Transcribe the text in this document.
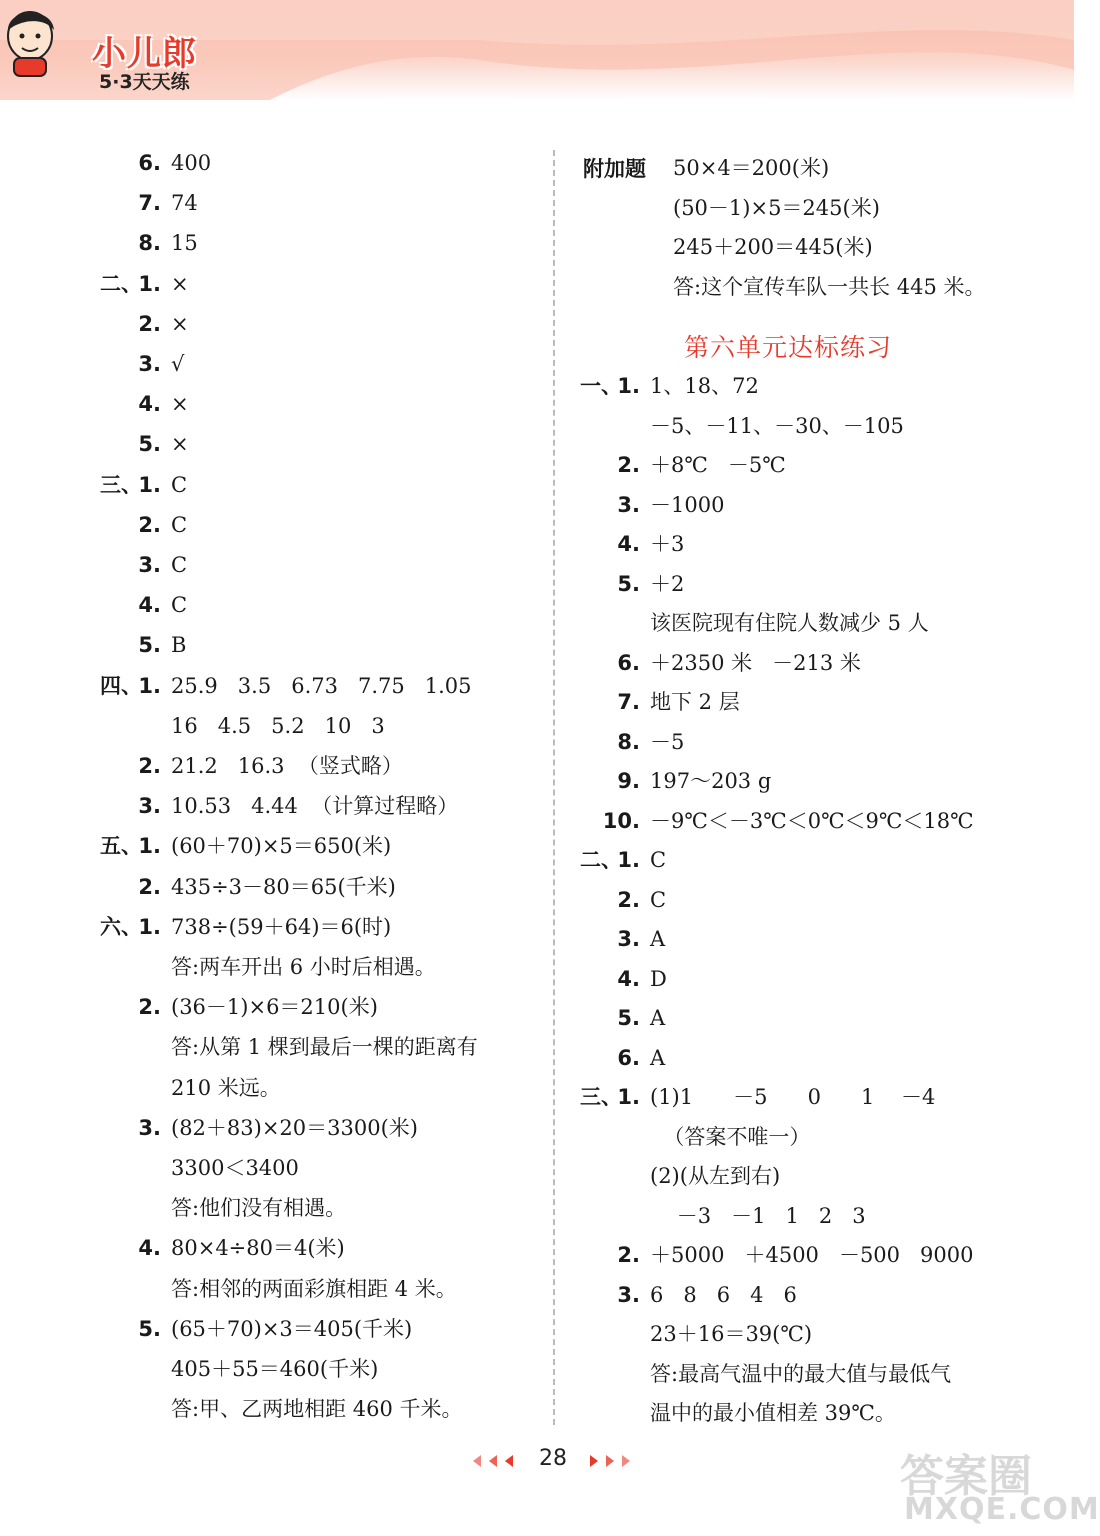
小儿郎
5·3天天练
6. 400
7. 74
8. 15
二、
1. ×
2. ×
3. √
4. ×
5. ×
三、
1. C
2. C
3. C
4. C
5. B
四、
1. 25.9   3.5   6.73   7.75   1.05
16   4.5   5.2   10   3
2. 21.2   16.3  （竖式略）
3. 10.53   4.44  （计算过程略）
五、
1. (60＋70)×5＝650(米)
2. 435÷3－80＝65(千米)
六、
1. 738÷(59＋64)＝6(时)
答:两车开出 6 小时后相遇。
2. (36－1)×6＝210(米)
答:从第 1 棵到最后一棵的距离有
210 米远。
3. (82＋83)×20＝3300(米)
3300＜3400
答:他们没有相遇。
4. 80×4÷80＝4(米)
答:相邻的两面彩旗相距 4 米。
5. (65＋70)×3＝405(千米)
405＋55＝460(千米)
答:甲、乙两地相距 460 千米。
附加题 50×4＝200(米)
(50－1)×5＝245(米)
245＋200＝445(米)
答:这个宣传车队一共长 445 米。
第六单元达标练习
一、
1. 1、18、72
－5、－11、－30、－105
2. ＋8℃   －5℃
3. －1000
4. ＋3
5. ＋2
该医院现有住院人数减少 5 人
6. ＋2350 米   －213 米
7. 地下 2 层
8. －5
9. 197～203 g
10. －9℃＜－3℃＜0℃＜9℃＜18℃
二、
1. C
2. C
3. A
4. D
5. A
6. A
三、
1. (1)1      －5      0      1    －4
（答案不唯一）
(2)(从左到右)
－3   －1   1   2   3
2. ＋5000   ＋4500   －500   9000
3. 6   8   6   4   6
23＋16＝39(℃)
答:最高气温中的最大值与最低气
温中的最小值相差 39℃。
28	答案圈
MXQE.COM
